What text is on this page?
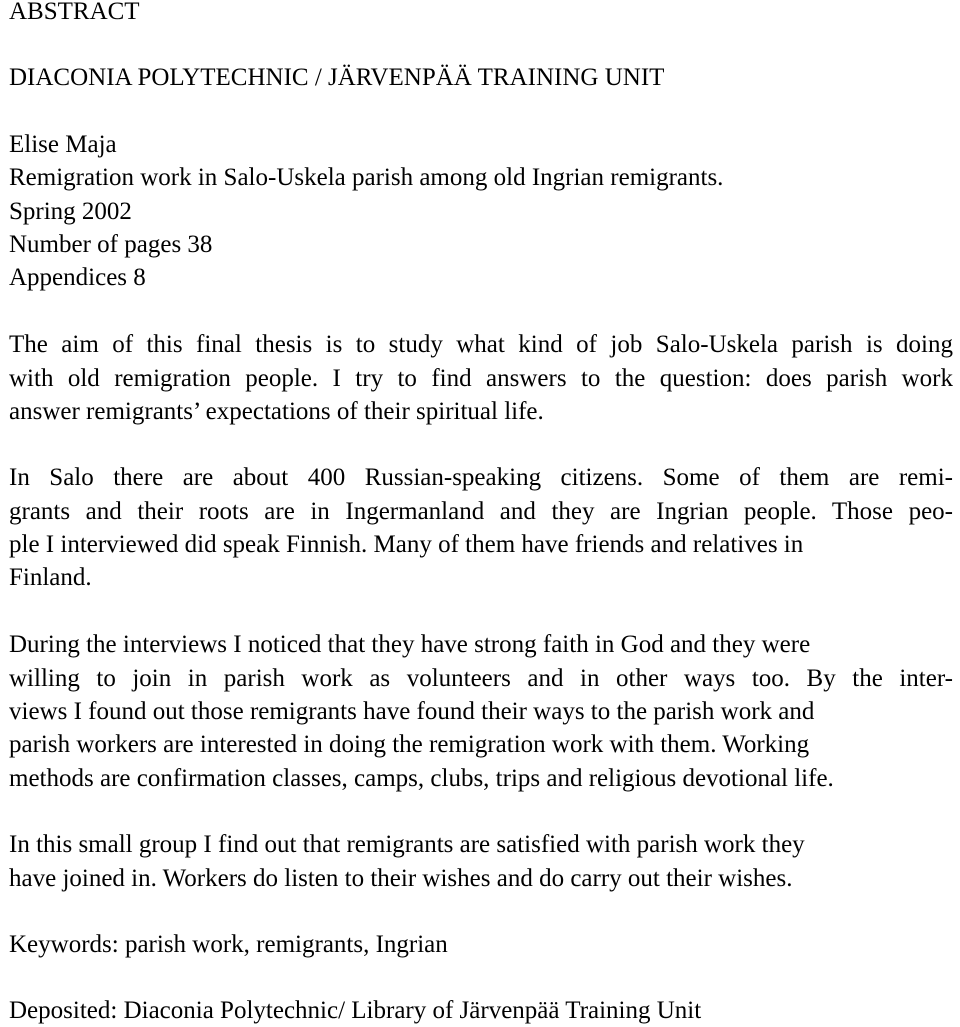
ABSTRACT
DIACONIA POLYTECHNIC / JÄRVENPÄÄ TRAINING UNIT
Elise Maja
Remigration work in Salo-Uskela parish among old Ingrian remigrants.
Spring 2002
Number of pages 38
Appendices 8
The aim of this final thesis is to study what kind of job Salo-Uskela parish is doing
with old remigration people. I try to find answers to the question: does parish work
answer remigrants’ expectations of their spiritual life.
In Salo there are about 400 Russian-speaking citizens. Some of them are remi-
grants and their roots are in Ingermanland and they are Ingrian people. Those peo-
ple I interviewed did speak Finnish. Many of them have friends and relatives in
Finland.
During the interviews I noticed that they have strong faith in God and they were
willing to join in parish work as volunteers and in other ways too. By the inter-
views I found out those remigrants have found their ways to the parish work and
parish workers are interested in doing the remigration work with them. Working
methods are confirmation classes, camps, clubs, trips and religious devotional life.
In this small group I find out that remigrants are satisfied with parish work they
have joined in. Workers do listen to their wishes and do carry out their wishes.
Keywords: parish work, remigrants, Ingrian
Deposited: Diaconia Polytechnic/ Library of Järvenpää Training Unit
